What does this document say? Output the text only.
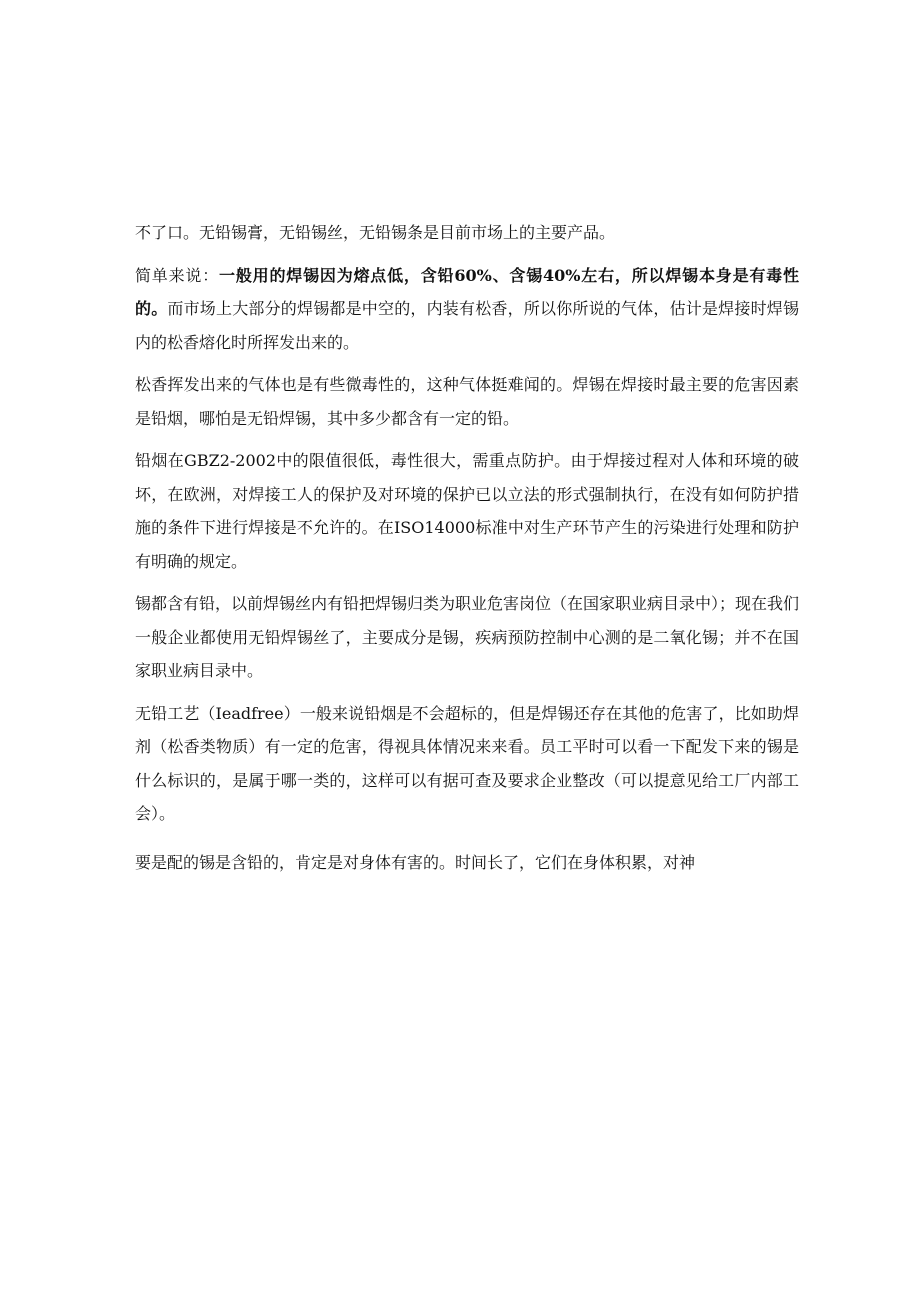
不了口。无铅锡膏，无铅锡丝，无铅锡条是目前市场上的主要产品。

简单来说：一般用的焊锡因为熔点低，含铅60%、含锡40%左右，所以焊锡本身是有毒性的。而市场上大部分的焊锡都是中空的，内装有松香，所以你所说的气体，估计是焊接时焊锡内的松香熔化时所挥发出来的。

松香挥发出来的气体也是有些微毒性的，这种气体挺难闻的。焊锡在焊接时最主要的危害因素是铅烟，哪怕是无铅焊锡，其中多少都含有一定的铅。

铅烟在GBZ2-2002中的限值很低，毒性很大，需重点防护。由于焊接过程对人体和环境的破坏，在欧洲，对焊接工人的保护及对环境的保护已以立法的形式强制执行，在没有如何防护措施的条件下进行焊接是不允许的。在ISO14000标准中对生产环节产生的污染进行处理和防护有明确的规定。

锡都含有铅，以前焊锡丝内有铅把焊锡归类为职业危害岗位（在国家职业病目录中）；现在我们一般企业都使用无铅焊锡丝了，主要成分是锡，疾病预防控制中心测的是二氧化锡；并不在国家职业病目录中。

无铅工艺（Ieadfree）一般来说铅烟是不会超标的，但是焊锡还存在其他的危害了，比如助焊剂（松香类物质）有一定的危害，得视具体情况来来看。员工平时可以看一下配发下来的锡是什么标识的，是属于哪一类的，这样可以有据可查及要求企业整改（可以提意见给工厂内部工会）。

要是配的锡是含铅的，肯定是对身体有害的。时间长了，它们在身体积累，对神
